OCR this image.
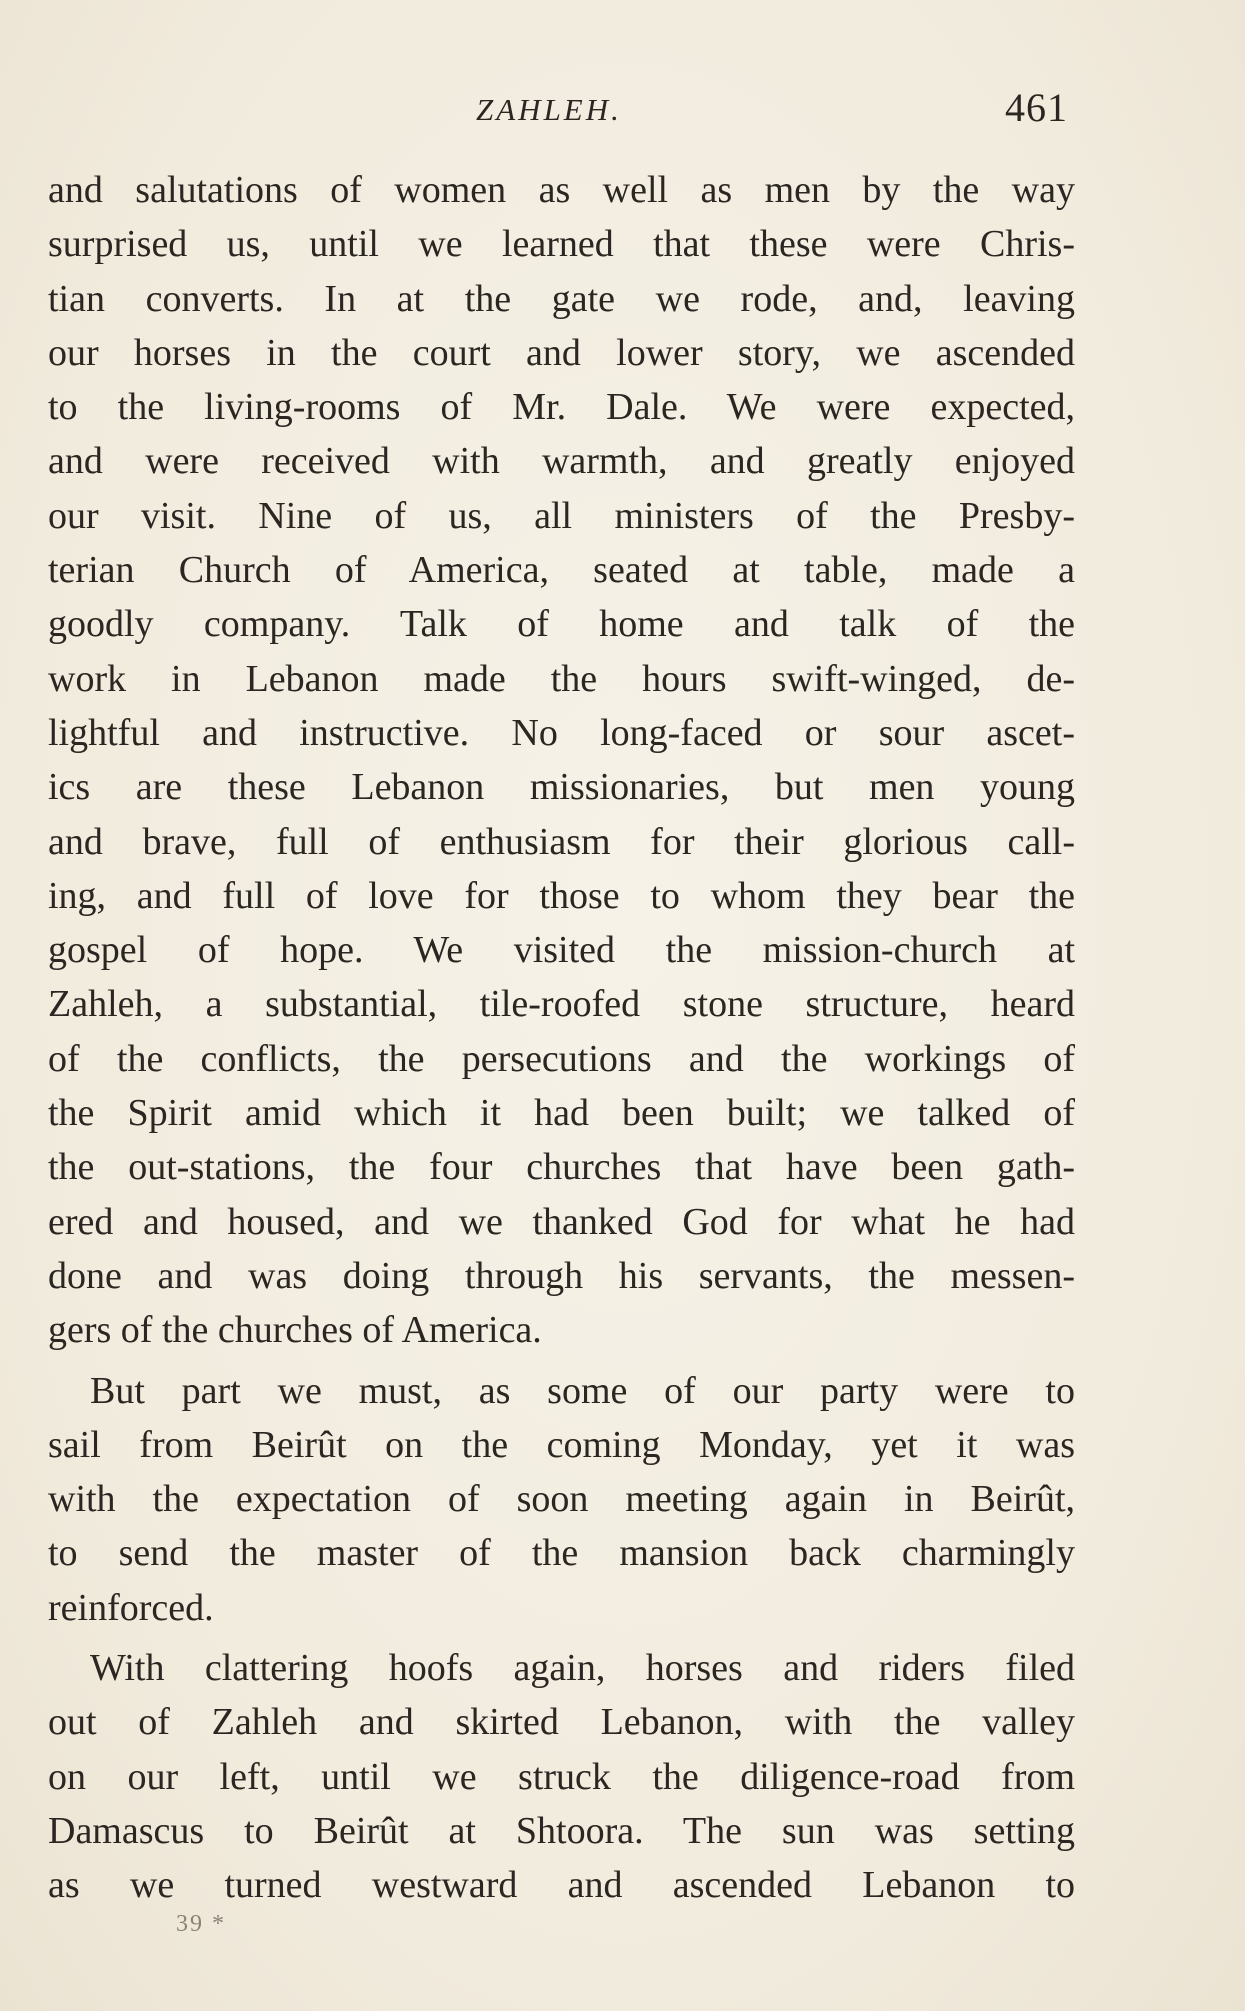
ZAHLEH.	461
and salutations of women as well as men by the way
surprised us, until we learned that these were Chris-
tian converts. In at the gate we rode, and, leaving
our horses in the court and lower story, we ascended
to the living-rooms of Mr. Dale. We were expected,
and were received with warmth, and greatly enjoyed
our visit. Nine of us, all ministers of the Presby-
terian Church of America, seated at table, made a
goodly company. Talk of home and talk of the
work in Lebanon made the hours swift-winged, de-
lightful and instructive. No long-faced or sour ascet-
ics are these Lebanon missionaries, but men young
and brave, full of enthusiasm for their glorious call-
ing, and full of love for those to whom they bear the
gospel of hope. We visited the mission-church at
Zahleh, a substantial, tile-roofed stone structure, heard
of the conflicts, the persecutions and the workings of
the Spirit amid which it had been built; we talked of
the out-stations, the four churches that have been gath-
ered and housed, and we thanked God for what he had
done and was doing through his servants, the messen-
gers of the churches of America.
But part we must, as some of our party were to
sail from Beirût on the coming Monday, yet it was
with the expectation of soon meeting again in Beirût,
to send the master of the mansion back charmingly
reinforced.
With clattering hoofs again, horses and riders filed
out of Zahleh and skirted Lebanon, with the valley
on our left, until we struck the diligence-road from
Damascus to Beirût at Shtoora. The sun was setting
as we turned westward and ascended Lebanon to
39 *
